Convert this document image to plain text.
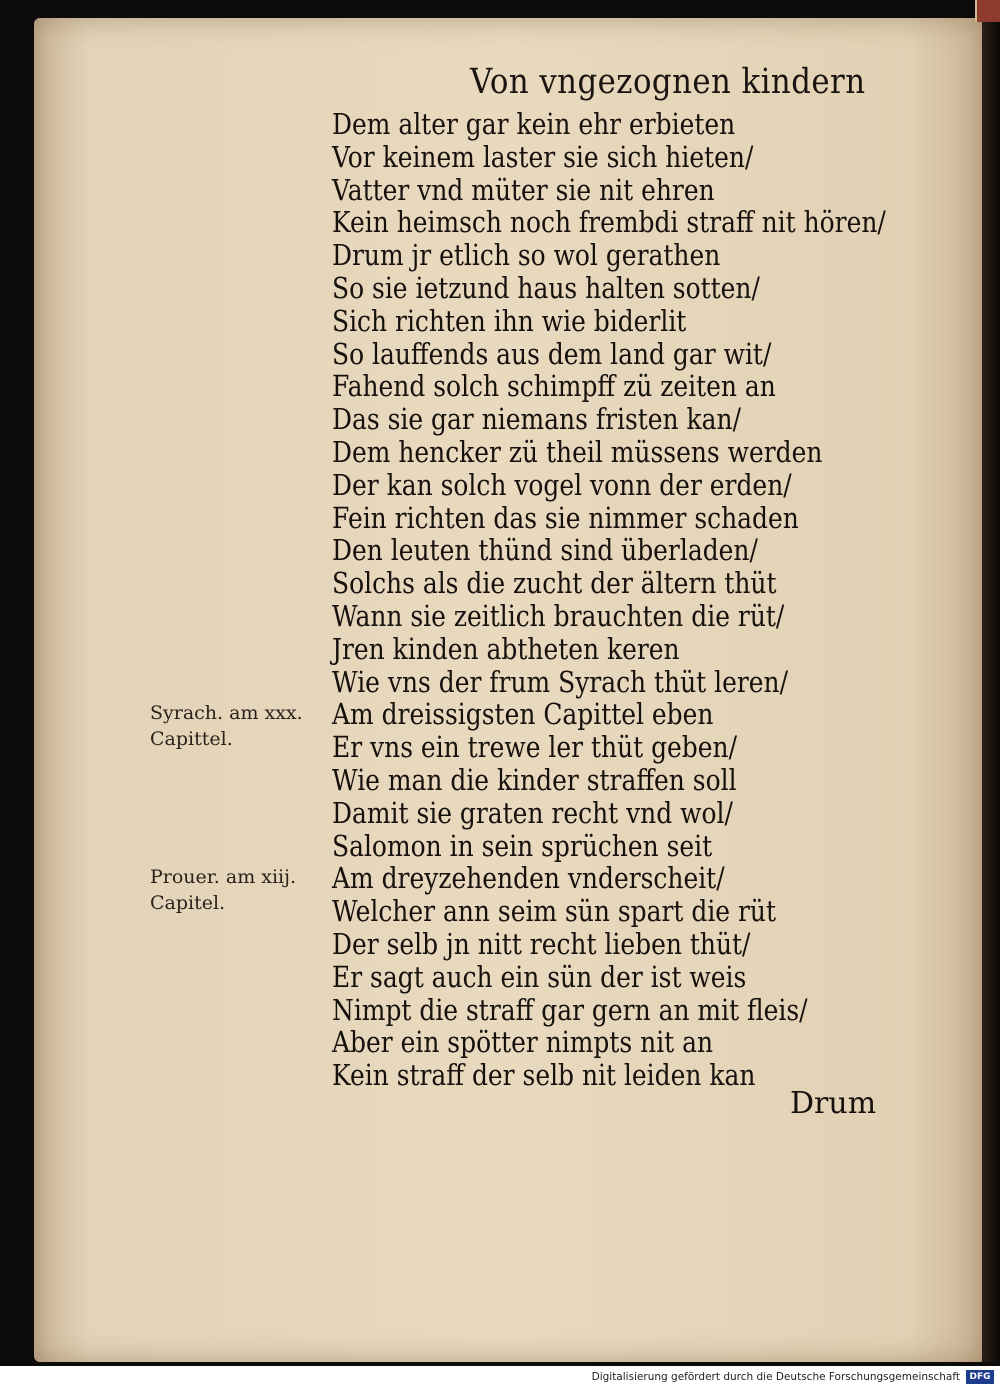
Von vngezognen kindern
Dem alter gar kein ehr erbieten
Vor keinem laster sie sich hieten/
Vatter vnd müter sie nit ehren
Kein heimsch noch frembdi straff nit hören/
Drum jr etlich so wol gerathen
So sie ietzund haus halten sotten/
Sich richten ihn wie biderlit
So lauffends aus dem land gar wit/
Fahend solch schimpff zü zeiten an
Das sie gar niemans fristen kan/
Dem hencker zü theil müssens werden
Der kan solch vogel vonn der erden/
Fein richten das sie nimmer schaden
Den leuten thünd sind überladen/
Solchs als die zucht der ältern thüt
Wann sie zeitlich brauchten die rüt/
Jren kinden abtheten keren
Wie vns der frum Syrach thüt leren/
Am dreissigsten Capittel eben
Er vns ein trewe ler thüt geben/
Wie man die kinder straffen soll
Damit sie graten recht vnd wol/
Salomon in sein sprüchen seit
Am dreyzehenden vnderscheit/
Welcher ann seim sün spart die rüt
Der selb jn nitt recht lieben thüt/
Er sagt auch ein sün der ist weis
Nimpt die straff gar gern an mit fleis/
Aber ein spötter nimpts nit an
Kein straff der selb nit leiden kan
Syrach. am xxx.
Capittel.
Prouer. am xiij.
Capitel.
Drum
Digitalisierung gefördert durch die Deutsche Forschungsgemeinschaft	DFG
